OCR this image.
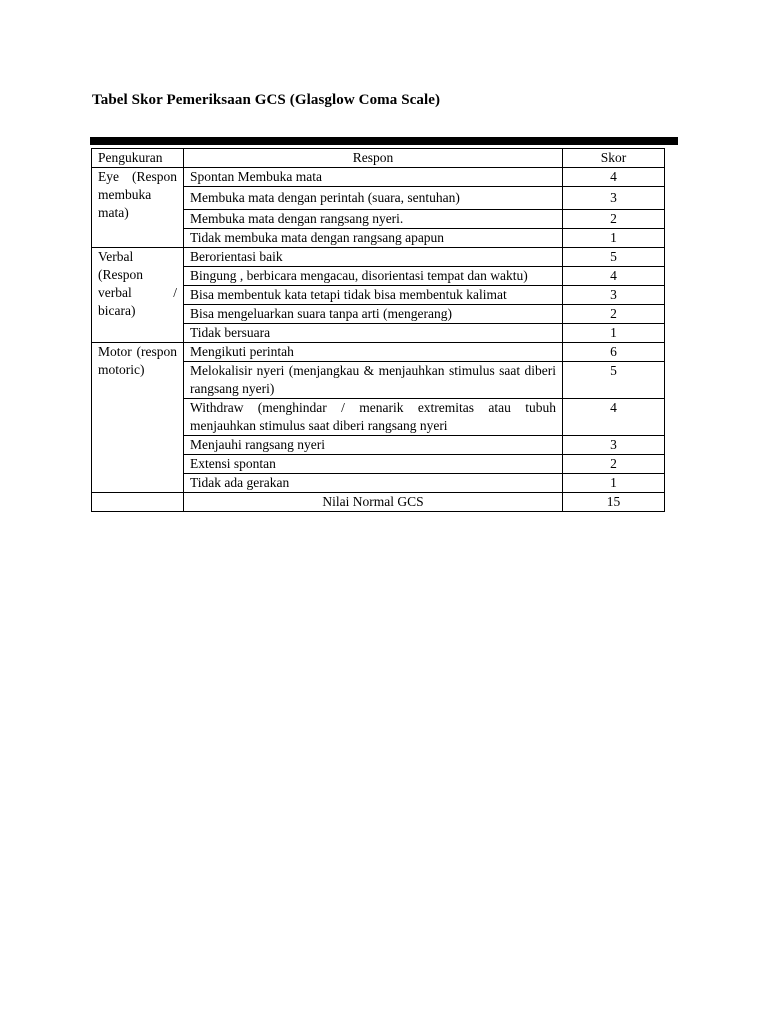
Tabel Skor Pemeriksaan GCS (Glasglow Coma Scale)
Pengukuran	Respon	Skor
Eye (Respon membuka mata)	Spontan Membuka mata	4
	Membuka mata dengan perintah (suara, sentuhan)	3
	Membuka mata dengan rangsang nyeri.	2
	Tidak membuka mata dengan rangsang apapun	1

Verbal
(Respon
verbal /
bicara)	Berorientasi baik	5
	Bingung , berbicara mengacau, disorientasi tempat dan waktu)	4
	Bisa membentuk kata tetapi tidak bisa membentuk kalimat	3
	Bisa mengeluarkan suara tanpa arti (mengerang)	2
	Tidak bersuara	1
Motor (respon motoric)	Mengikuti perintah	6
	Melokalisir nyeri (menjangkau & menjauhkan stimulus saat diberi rangsang nyeri)	5
	Withdraw (menghindar / menarik extremitas atau tubuh menjauhkan stimulus saat diberi rangsang nyeri	4
	Menjauhi rangsang nyeri	3
	Extensi spontan	2
	Tidak ada gerakan	1
	Nilai Normal GCS	15
